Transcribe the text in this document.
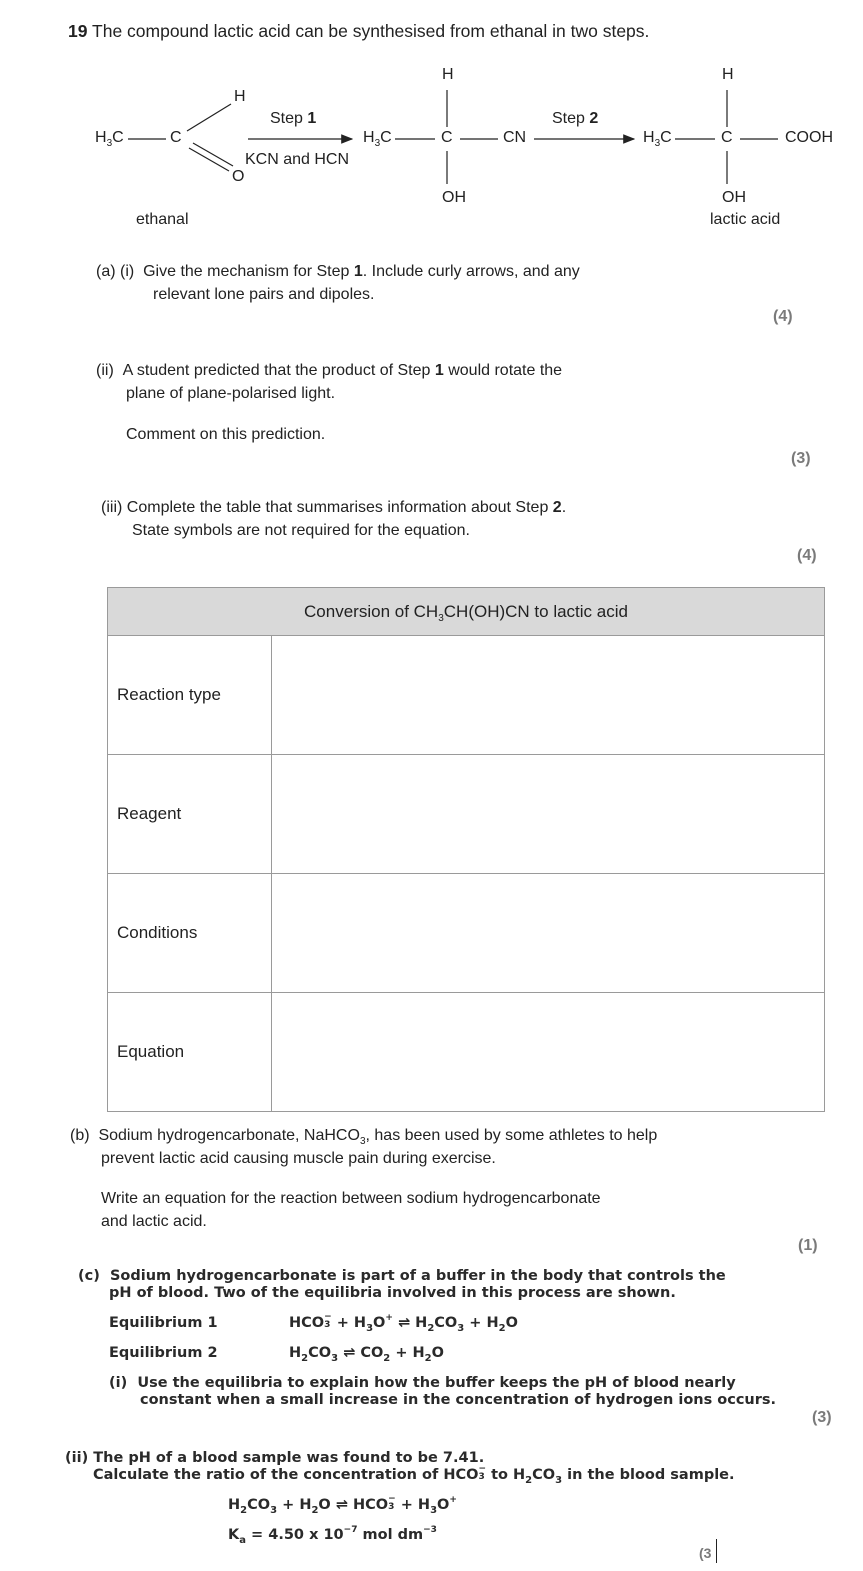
19 The compound lactic acid can be synthesised from ethanal in two steps.
$H_3C$	C
H
O
ethanal
Step 1
KCN and HCN
$H_3C$
H
C	CN
OH
Step 2
$H_3C$
H
C	COOH
OH
lactic acid
(a) (i) Give the mechanism for Step 1. Include curly arrows, and any
relevant lone pairs and dipoles.
(4)
(ii) A student predicted that the product of Step 1 would rotate the
plane of plane-polarised light.
Comment on this prediction.
(3)
(iii) Complete the table that summarises information about Step 2.
State symbols are not required for the equation.
(4)
Conversion of $CH_3CH(OH)CN$ to lactic acid	
Reaction type	
Reagent	
Conditions	
Equation	
(b) Sodium hydrogencarbonate, NaHCO$_3$, has been used by some athletes to help
prevent lactic acid causing muscle pain during exercise.
Write an equation for the reaction between sodium hydrogencarbonate
and lactic acid.
(1)
(c) Sodium hydrogencarbonate is part of a buffer in the body that controls the
pH of blood. Two of the equilibria involved in this process are shown.
Equilibrium 1	HCO −
$3 + H_3O^+$ ⇌ $H_2CO_3 + H_2O$
Equilibrium 2	$H_2CO_3$ ⇌ $CO_2 + H_2O$
(i) Use the equilibria to explain how the buffer keeps the pH of blood nearly
constant when a small increase in the concentration of hydrogen ions occurs.
(3)
(ii) The pH of a blood sample was found to be 7.41.
Calculate the ratio of the concentration of HCO −
3 to $H_2CO_3$ in the blood sample.
$H_2CO_3 + H_2O$ ⇌ HCO −
$3 + H_3O^+$
$K_a = 4.50$ x $10^{-7}$ mol $dm^{-3}$
(3
